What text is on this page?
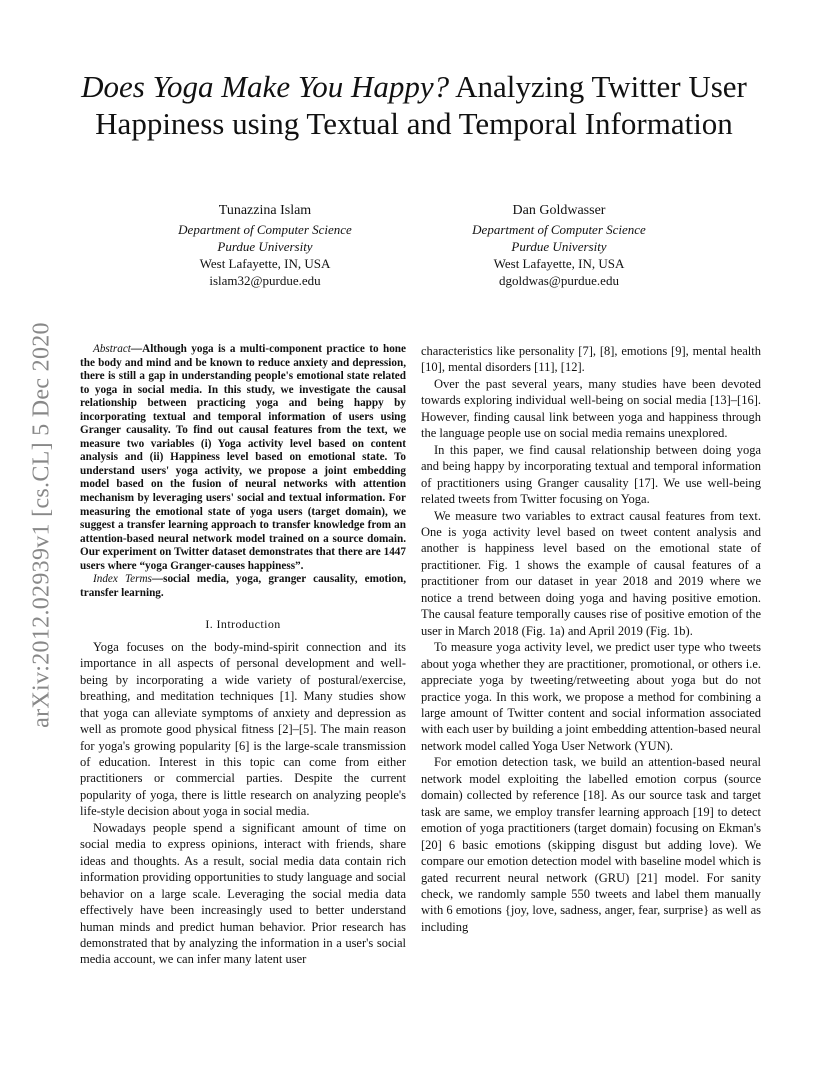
arXiv:2012.02939v1 [cs.CL] 5 Dec 2020
Does Yoga Make You Happy? Analyzing Twitter User Happiness using Textual and Temporal Information
Tunazzina Islam
Department of Computer Science
Purdue University
West Lafayette, IN, USA
islam32@purdue.edu
Dan Goldwasser
Department of Computer Science
Purdue University
West Lafayette, IN, USA
dgoldwas@purdue.edu

Abstract—Although yoga is a multi-component practice to hone the body and mind and be known to reduce anxiety and depression, there is still a gap in understanding people's emotional state related to yoga in social media. In this study, we investigate the causal relationship between practicing yoga and being happy by incorporating textual and temporal information of users using Granger causality. To find out causal features from the text, we measure two variables (i) Yoga activity level based on content analysis and (ii) Happiness level based on emotional state. To understand users' yoga activity, we propose a joint embedding model based on the fusion of neural networks with attention mechanism by leveraging users' social and textual information. For measuring the emotional state of yoga users (target domain), we suggest a transfer learning approach to transfer knowledge from an attention-based neural network model trained on a source domain. Our experiment on Twitter dataset demonstrates that there are 1447 users where “yoga Granger-causes happiness”.

Index Terms—social media, yoga, granger causality, emotion, transfer learning.

I. Introduction

Yoga focuses on the body-mind-spirit connection and its importance in all aspects of personal development and well-being by incorporating a wide variety of postural/exercise, breathing, and meditation techniques [1]. Many studies show that yoga can alleviate symptoms of anxiety and depression as well as promote good physical fitness [2]–[5]. The main reason for yoga's growing popularity [6] is the large-scale transmission of education. Interest in this topic can come from either practitioners or commercial parties. Despite the current popularity of yoga, there is little research on analyzing people's life-style decision about yoga in social media.

Nowadays people spend a significant amount of time on social media to express opinions, interact with friends, share ideas and thoughts. As a result, social media data contain rich information providing opportunities to study language and social behavior on a large scale. Leveraging the social media data effectively have been increasingly used to better understand human minds and predict human behavior. Prior research has demonstrated that by analyzing the information in a user's social media account, we can infer many latent user

characteristics like personality [7], [8], emotions [9], mental health [10], mental disorders [11], [12].

Over the past several years, many studies have been devoted towards exploring individual well-being on social media [13]–[16]. However, finding causal link between yoga and happiness through the language people use on social media remains unexplored.

In this paper, we find causal relationship between doing yoga and being happy by incorporating textual and temporal information of practitioners using Granger causality [17]. We use well-being related tweets from Twitter focusing on Yoga.

We measure two variables to extract causal features from text. One is yoga activity level based on tweet content analysis and another is happiness level based on the emotional state of practitioner. Fig. 1 shows the example of causal features of a practitioner from our dataset in year 2018 and 2019 where we notice a trend between doing yoga and having positive emotion. The causal feature temporally causes rise of positive emotion of the user in March 2018 (Fig. 1a) and April 2019 (Fig. 1b).

To measure yoga activity level, we predict user type who tweets about yoga whether they are practitioner, promotional, or others i.e. appreciate yoga by tweeting/retweeting about yoga but do not practice yoga. In this work, we propose a method for combining a large amount of Twitter content and social information associated with each user by building a joint embedding attention-based neural network model called Yoga User Network (YUN).

For emotion detection task, we build an attention-based neural network model exploiting the labelled emotion corpus (source domain) collected by reference [18]. As our source task and target task are same, we employ transfer learning approach [19] to detect emotion of yoga practitioners (target domain) focusing on Ekman's [20] 6 basic emotions (skipping disgust but adding love). We compare our emotion detection model with baseline model which is gated recurrent neural network (GRU) [21] model. For sanity check, we randomly sample 550 tweets and label them manually with 6 emotions {joy, love, sadness, anger, fear, surprise} as well as including
